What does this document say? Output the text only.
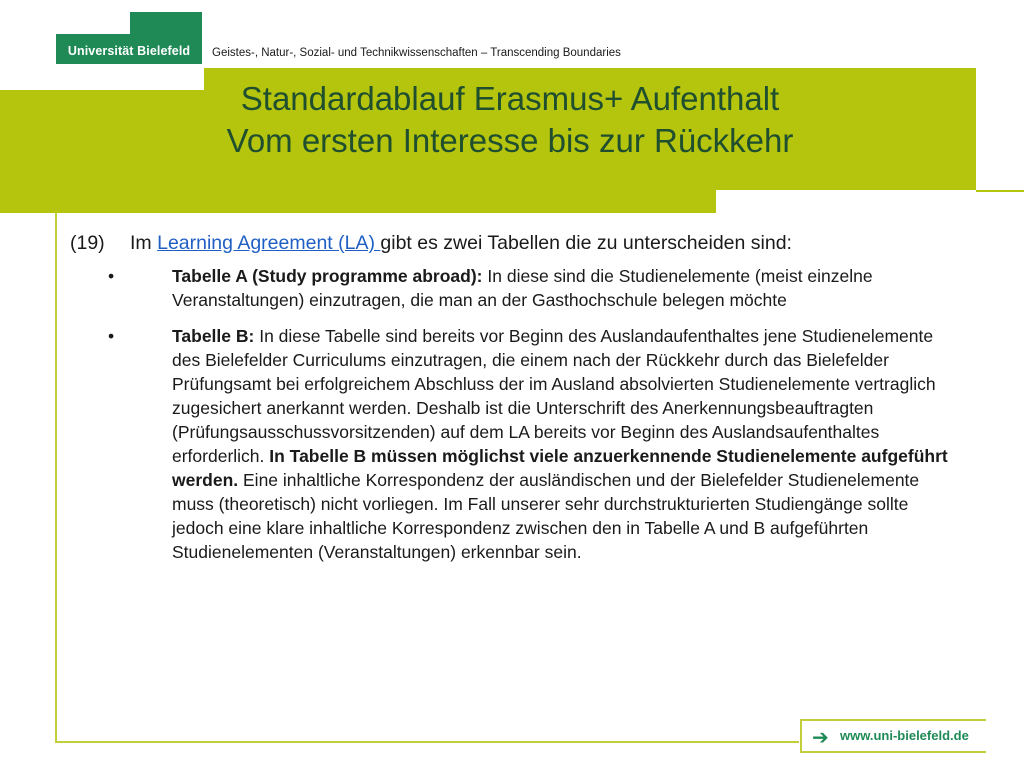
Universität Bielefeld	Geistes-, Natur-, Sozial- und Technikwissenschaften – Transcending Boundaries
Standardablauf Erasmus+ Aufenthalt
Vom ersten Interesse bis zur Rückkehr

(19) Im Learning Agreement (LA) gibt es zwei Tabellen die zu unterscheiden sind:

•	Tabelle A (Study programme abroad): In diese sind die Studienelemente (meist einzelne Veranstaltungen) einzutragen, die man an der Gasthochschule belegen möchte
•	Tabelle B: In diese Tabelle sind bereits vor Beginn des Auslandaufenthaltes jene Studienelemente des Bielefelder Curriculums einzutragen, die einem nach der Rückkehr durch das Bielefelder Prüfungsamt bei erfolgreichem Abschluss der im Ausland absolvierten Studienelemente vertraglich zugesichert anerkannt werden. Deshalb ist die Unterschrift des Anerkennungsbeauftragten (Prüfungsausschussvorsitzenden) auf dem LA bereits vor Beginn des Auslandsaufenthaltes erforderlich. In Tabelle B müssen möglichst viele anzuerkennende Studienelemente aufgeführt werden. Eine inhaltliche Korrespondenz der ausländischen und der Bielefelder Studienelemente muss (theoretisch) nicht vorliegen. Im Fall unserer sehr durchstrukturierten Studiengänge sollte jedoch eine klare inhaltliche Korrespondenz zwischen den in Tabelle A und B aufgeführten Studienelementen (Veranstaltungen) erkennbar sein.
➔ www.uni-bielefeld.de
